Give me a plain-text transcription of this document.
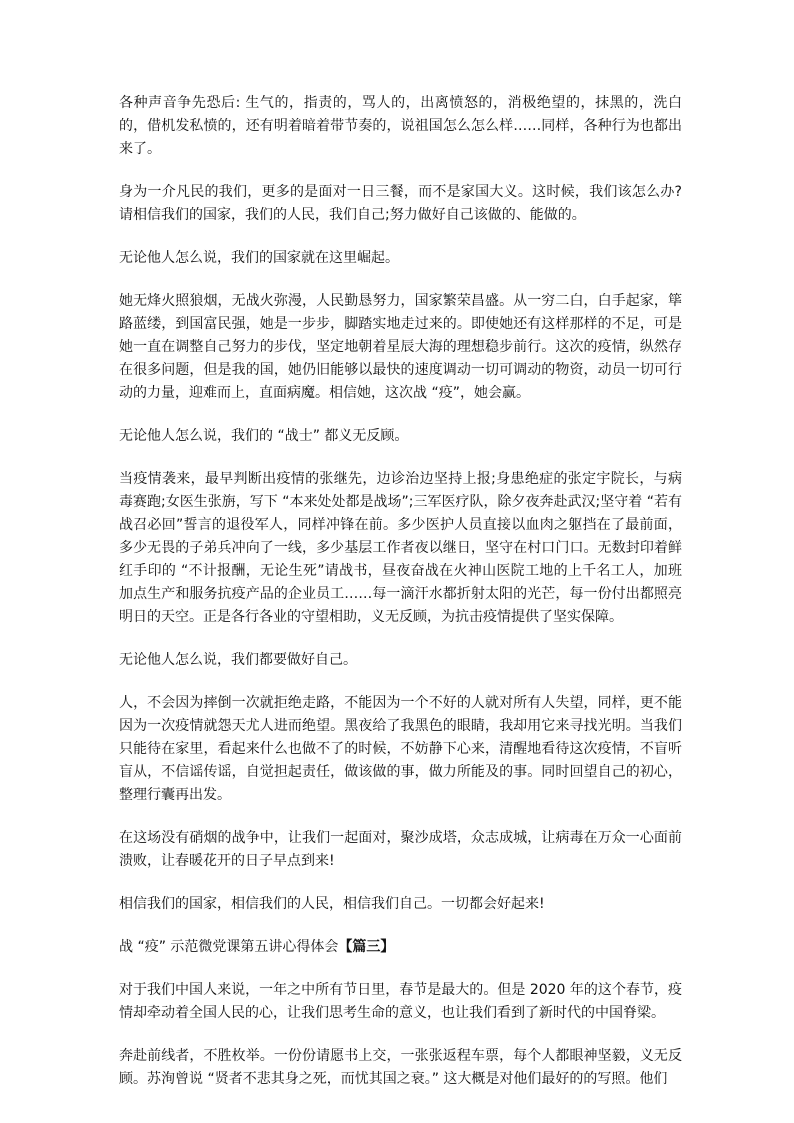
各种声音争先恐后: 生气的，指责的，骂人的，出离愤怒的，消极绝望的，抹黑的，洗白的，借机发私愤的，还有明着暗着带节奏的，说祖国怎么怎么样……同样，各种行为也都出来了。

身为一介凡民的我们，更多的是面对一日三餐，而不是家国大义。这时候，我们该怎么办?请相信我们的国家，我们的人民，我们自己;努力做好自己该做的、能做的。

无论他人怎么说，我们的国家就在这里崛起。

她无烽火照狼烟，无战火弥漫，人民勤恳努力，国家繁荣昌盛。从一穷二白，白手起家，筚路蓝缕，到国富民强，她是一步步，脚踏实地走过来的。即使她还有这样那样的不足，可是她一直在调整自己努力的步伐，坚定地朝着星辰大海的理想稳步前行。这次的疫情，纵然存在很多问题，但是我的国，她仍旧能够以最快的速度调动一切可调动的物资，动员一切可行动的力量，迎难而上，直面病魔。相信她，这次战 “疫”，她会赢。

无论他人怎么说，我们的 “战士” 都义无反顾。

当疫情袭来，最早判断出疫情的张继先，边诊治边坚持上报;身患绝症的张定宇院长，与病毒赛跑;女医生张旃，写下 “本来处处都是战场”;三军医疗队，除夕夜奔赴武汉;坚守着 “若有战召必回”誓言的退役军人，同样冲锋在前。多少医护人员直接以血肉之躯挡在了最前面，多少无畏的子弟兵冲向了一线，多少基层工作者夜以继日，坚守在村口门口。无数封印着鲜红手印的 “不计报酬，无论生死”请战书，昼夜奋战在火神山医院工地的上千名工人，加班加点生产和服务抗疫产品的企业员工……每一滴汗水都折射太阳的光芒，每一份付出都照亮明日的天空。正是各行各业的守望相助，义无反顾，为抗击疫情提供了坚实保障。

无论他人怎么说，我们都要做好自己。

人，不会因为摔倒一次就拒绝走路，不能因为一个不好的人就对所有人失望，同样，更不能因为一次疫情就怨天尤人进而绝望。黑夜给了我黑色的眼睛，我却用它来寻找光明。当我们只能待在家里，看起来什么也做不了的时候，不妨静下心来，清醒地看待这次疫情，不盲听盲从，不信谣传谣，自觉担起责任，做该做的事，做力所能及的事。同时回望自己的初心，整理行囊再出发。

在这场没有硝烟的战争中，让我们一起面对，聚沙成塔，众志成城，让病毒在万众一心面前溃败，让春暖花开的日子早点到来!

相信我们的国家，相信我们的人民，相信我们自己。一切都会好起来!

战 “疫” 示范微党课第五讲心得体会【篇三】

对于我们中国人来说，一年之中所有节日里，春节是最大的。但是 2020 年的这个春节，疫情却牵动着全国人民的心，让我们思考生命的意义，也让我们看到了新时代的中国脊梁。

奔赴前线者，不胜枚举。一份份请愿书上交，一张张返程车票，每个人都眼神坚毅，义无反顾。苏洵曾说 “贤者不悲其身之死，而忧其国之衰。” 这大概是对他们最好的的写照。他们
